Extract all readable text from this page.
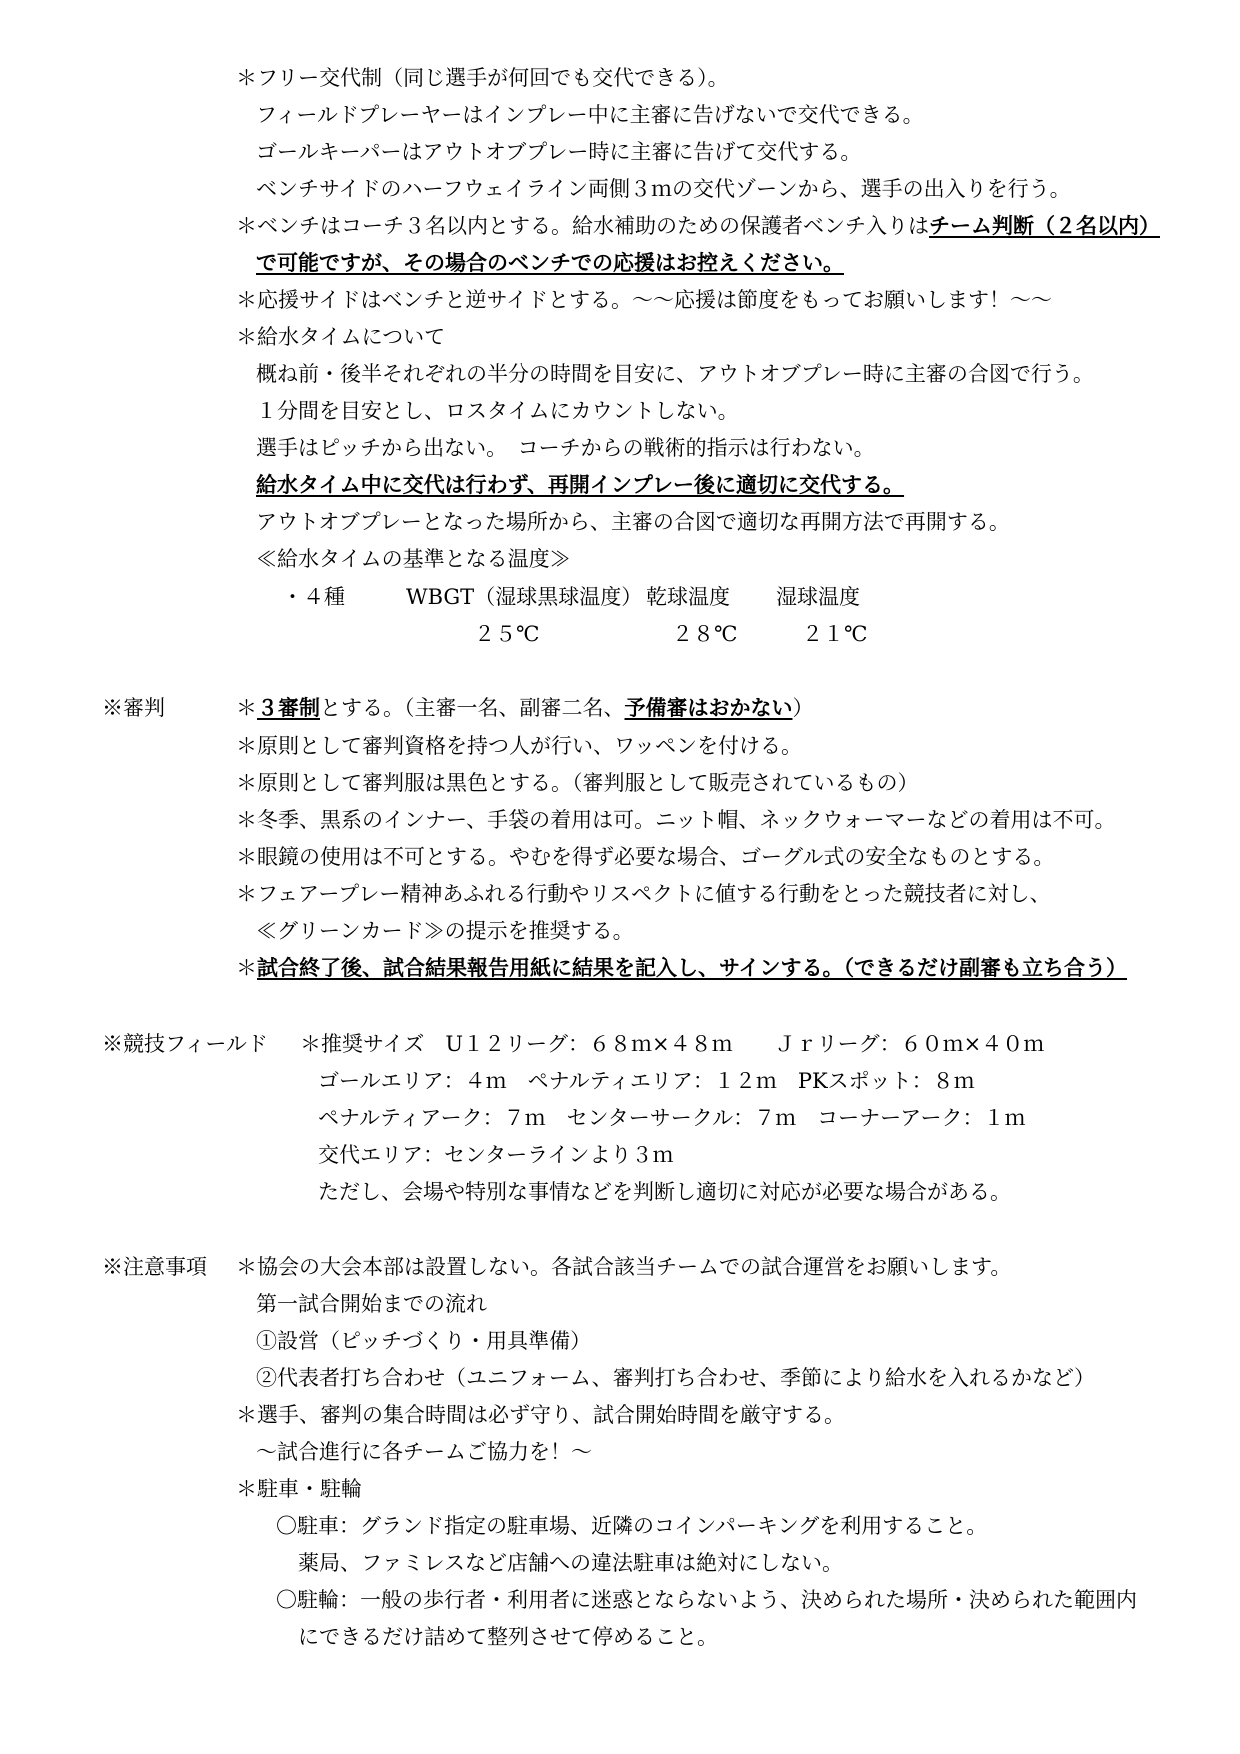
＊フリー交代制（同じ選手が何回でも交代できる）。
フィールドプレーヤーはインプレー中に主審に告げないで交代できる。
ゴールキーパーはアウトオブプレー時に主審に告げて交代する。
ベンチサイドのハーフウェイライン両側３ｍの交代ゾーンから、選手の出入りを行う。
＊ベンチはコーチ３名以内とする。給水補助のための保護者ベンチ入りはチーム判断（２名以内）
で可能ですが、その場合のベンチでの応援はお控えください。
＊応援サイドはベンチと逆サイドとする。～～応援は節度をもってお願いします！～～
＊給水タイムについて
概ね前・後半それぞれの半分の時間を目安に、アウトオブプレー時に主審の合図で行う。
１分間を目安とし、ロスタイムにカウントしない。
選手はピッチから出ない。　コーチからの戦術的指示は行わない。
給水タイム中に交代は行わず、再開インプレー後に適切に交代する。
アウトオブプレーとなった場所から、主審の合図で適切な再開方法で再開する。
≪給水タイムの基準となる温度≫
・４種	WBGT（湿球黒球温度） 乾球温度 湿球温度
２５℃	２８℃	２１℃
※審判	＊３審制とする。（主審一名、副審二名、予備審はおかない）
＊原則として審判資格を持つ人が行い、ワッペンを付ける。
＊原則として審判服は黒色とする。（審判服として販売されているもの）
＊冬季、黒系のインナー、手袋の着用は可。ニット帽、ネックウォーマーなどの着用は不可。
＊眼鏡の使用は不可とする。やむを得ず必要な場合、ゴーグル式の安全なものとする。
＊フェアープレー精神あふれる行動やリスペクトに値する行動をとった競技者に対し、
≪グリーンカード≫の提示を推奨する。
＊試合終了後、試合結果報告用紙に結果を記入し、サインする。（できるだけ副審も立ち合う）
※競技フィールド ＊推奨サイズ　U１２リーグ：６８ｍ×４８ｍ　　Ｊｒリーグ：６０ｍ×４０ｍ
ゴールエリア：４ｍ　ペナルティエリア：１２ｍ　PKスポット：８ｍ
ペナルティアーク：７ｍ　センターサークル：７ｍ　コーナーアーク：１ｍ
交代エリア：センターラインより３ｍ
ただし、会場や特別な事情などを判断し適切に対応が必要な場合がある。
※注意事項 ＊協会の大会本部は設置しない。各試合該当チームでの試合運営をお願いします。
第一試合開始までの流れ
①設営（ピッチづくり・用具準備）
②代表者打ち合わせ（ユニフォーム、審判打ち合わせ、季節により給水を入れるかなど）
＊選手、審判の集合時間は必ず守り、試合開始時間を厳守する。
～試合進行に各チームご協力を！～
＊駐車・駐輪
〇駐車：グランド指定の駐車場、近隣のコインパーキングを利用すること。
薬局、ファミレスなど店舗への違法駐車は絶対にしない。
〇駐輪：一般の歩行者・利用者に迷惑とならないよう、決められた場所・決められた範囲内
にできるだけ詰めて整列させて停めること。
